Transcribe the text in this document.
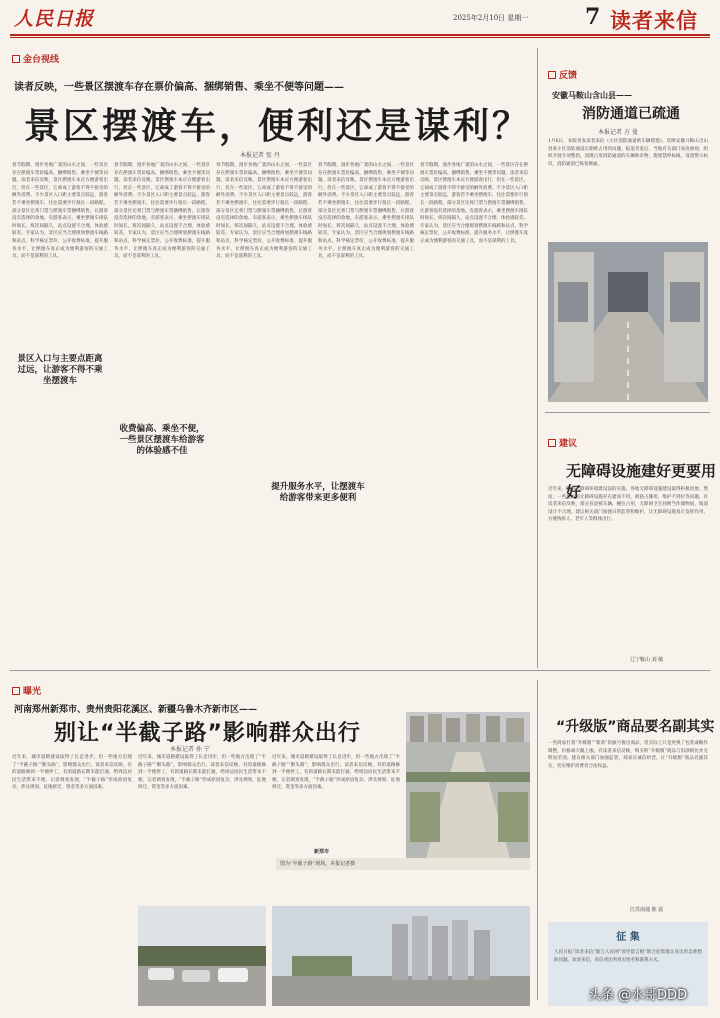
人民日报	2025年2月10日 星期一	7 读者来信
金台视线
读者反映，一些景区摆渡车存在票价偏高、捆绑销售、乘坐不便等问题——
景区摆渡车，便利还是谋利？
本报记者 张 丹
春节假期，漫步各地广袤的山水之间，一些景区存在摆渡车票价偏高、捆绑销售、乘坐不便等问题。读者来信反映，景区摆渡车本应方便游客出行，但在一些景区，它却成了游客不得不接受的额外消费。不少景区入口距主要景点较远，游客若不乘坐摆渡车，往往需要步行很长一段路程。部分景区还将门票与摆渡车票捆绑销售，让游客没有选择的余地。有游客表示，乘坐摆渡车排队时间长，班次间隔久，站点设置不合理，体验感较差。专家认为，景区应当合理规划摆渡车线路和站点，科学核定票价，公开收费标准，提升服务水平，让摆渡车真正成为便利游客的交通工具，而不是谋利的工具。
春节假期，漫步各地广袤的山水之间，一些景区存在摆渡车票价偏高、捆绑销售、乘坐不便等问题。读者来信反映，景区摆渡车本应方便游客出行，但在一些景区，它却成了游客不得不接受的额外消费。不少景区入口距主要景点较远，游客若不乘坐摆渡车，往往需要步行很长一段路程。部分景区还将门票与摆渡车票捆绑销售，让游客没有选择的余地。有游客表示，乘坐摆渡车排队时间长，班次间隔久，站点设置不合理，体验感较差。专家认为，景区应当合理规划摆渡车线路和站点，科学核定票价，公开收费标准，提升服务水平，让摆渡车真正成为便利游客的交通工具，而不是谋利的工具。
春节假期，漫步各地广袤的山水之间，一些景区存在摆渡车票价偏高、捆绑销售、乘坐不便等问题。读者来信反映，景区摆渡车本应方便游客出行，但在一些景区，它却成了游客不得不接受的额外消费。不少景区入口距主要景点较远，游客若不乘坐摆渡车，往往需要步行很长一段路程。部分景区还将门票与摆渡车票捆绑销售，让游客没有选择的余地。有游客表示，乘坐摆渡车排队时间长，班次间隔久，站点设置不合理，体验感较差。专家认为，景区应当合理规划摆渡车线路和站点，科学核定票价，公开收费标准，提升服务水平，让摆渡车真正成为便利游客的交通工具，而不是谋利的工具。
春节假期，漫步各地广袤的山水之间，一些景区存在摆渡车票价偏高、捆绑销售、乘坐不便等问题。读者来信反映，景区摆渡车本应方便游客出行，但在一些景区，它却成了游客不得不接受的额外消费。不少景区入口距主要景点较远，游客若不乘坐摆渡车，往往需要步行很长一段路程。部分景区还将门票与摆渡车票捆绑销售，让游客没有选择的余地。有游客表示，乘坐摆渡车排队时间长，班次间隔久，站点设置不合理，体验感较差。专家认为，景区应当合理规划摆渡车线路和站点，科学核定票价，公开收费标准，提升服务水平，让摆渡车真正成为便利游客的交通工具，而不是谋利的工具。
春节假期，漫步各地广袤的山水之间，一些景区存在摆渡车票价偏高、捆绑销售、乘坐不便等问题。读者来信反映，景区摆渡车本应方便游客出行，但在一些景区，它却成了游客不得不接受的额外消费。不少景区入口距主要景点较远，游客若不乘坐摆渡车，往往需要步行很长一段路程。部分景区还将门票与摆渡车票捆绑销售，让游客没有选择的余地。有游客表示，乘坐摆渡车排队时间长，班次间隔久，站点设置不合理，体验感较差。专家认为，景区应当合理规划摆渡车线路和站点，科学核定票价，公开收费标准，提升服务水平，让摆渡车真正成为便利游客的交通工具，而不是谋利的工具。
景区入口与主要点距离过远，让游客不得不乘坐摆渡车
收费偏高、乘坐不便，一些景区摆渡车给游客的体验感不佳
提升服务水平，让摆渡车给游客带来更多便利
反馈
安徽马鞍山含山县——
消防通道已疏通
本报记者 方 曼
1月6日，本版刊发读者来信《小区消防通道被车辆堵塞》，反映安徽马鞍山含山县某小区消防通道长期被占用的问题。报道刊发后，当地有关部门高度重视，组织开展专项整治，清理占用消防通道的车辆和杂物，施划禁停标线，设置警示标识，消防通道已恢复畅通。
建议
无障碍设施建好更要用好
近年来，随着无障碍环境建设法的实施，各地无障碍设施建设取得积极进展。然而，一些地方的无障碍设施存在建而不用、被挤占挪用、维护不到位等问题。有读者来信反映，部分盲道被车辆、摊位占用，无障碍卫生间被当作储物间，坡道设计不合理。建议相关部门加强日常监管和维护，让无障碍设施真正发挥作用，方便残疾人、老年人等群体出行。
辽宁鞍山 刘 敏
曝光
河南郑州新郑市、贵州贵阳花溪区、新疆乌鲁木齐新市区——
别让“半截子路”影响群众出行
本报记者 孙 宁
近年来，城市道路建设取得了长足进步，但一些地方出现了“半截子路”“断头路”，影响群众出行。读者来信反映，有的道路修到一半便停工，有的道路长期未能打通，给周边居民生活带来不便。记者调查发现，“半截子路”形成原因复杂，涉及规划、征地拆迁、资金等多方面因素。
近年来，城市道路建设取得了长足进步，但一些地方出现了“半截子路”“断头路”，影响群众出行。读者来信反映，有的道路修到一半便停工，有的道路长期未能打通，给周边居民生活带来不便。记者调查发现，“半截子路”形成原因复杂，涉及规划、征地拆迁、资金等多方面因素。
近年来，城市道路建设取得了长足进步，但一些地方出现了“半截子路”“断头路”，影响群众出行。读者来信反映，有的道路修到一半便停工，有的道路长期未能打通，给周边居民生活带来不便。记者调查发现，“半截子路”形成原因复杂，涉及规划、征地拆迁、资金等多方面因素。
图为“半截子路”现场。本报记者摄
新郑市
“升级版”商品要名副其实
一些商家打着“升级版”“新款”的旗号推出商品，但实际上只是更换了包装或略作调整，价格却大幅上涨。有读者来信反映，购买的“升级版”商品与旧款相比并无明显差别。建议相关部门加强监管，商家应诚信经营，让“升级版”商品名副其实，切实维护消费者合法权益。
江苏南通 陈 晨
征 集
人民日报“读者来信”版与人民网“领导留言板”联合征集群众身边的急难愁盼问题。欢迎来信，来信请注明真实姓名和联系方式。
头条 @水哥DDD
